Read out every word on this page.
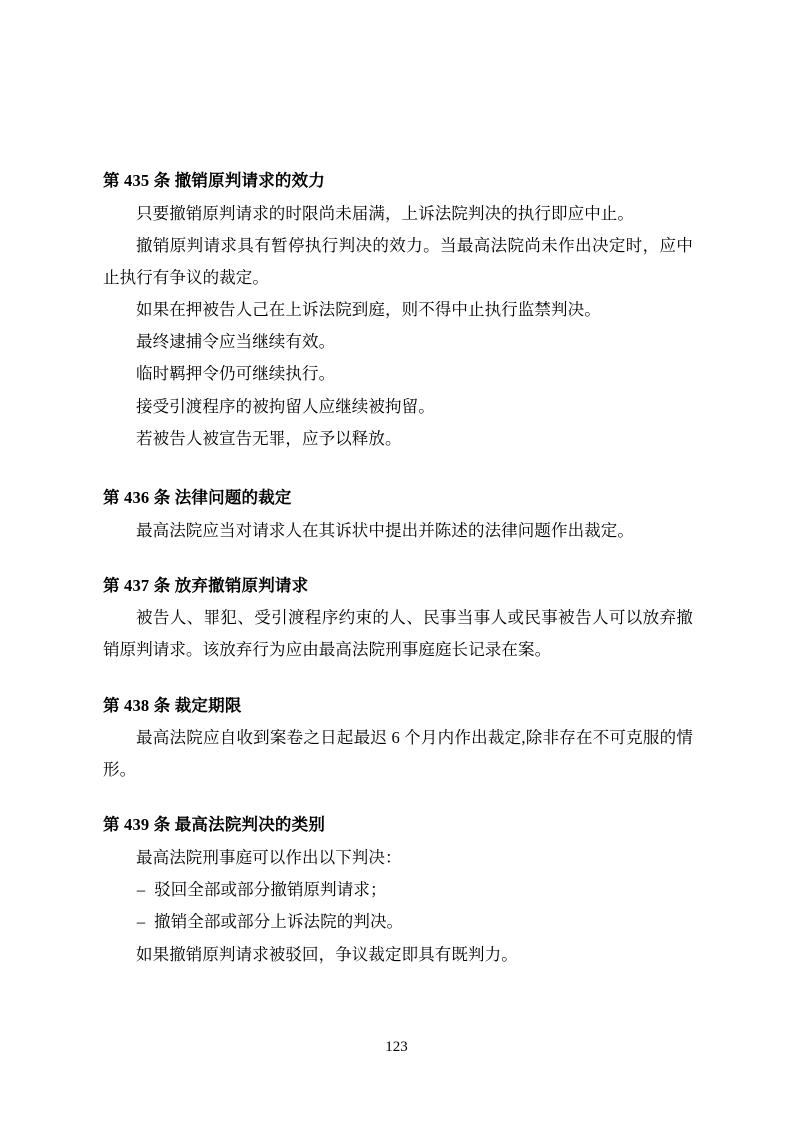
第 435 条 撤销原判请求的效力

只要撤销原判请求的时限尚未届满，上诉法院判决的执行即应中止。

撤销原判请求具有暂停执行判决的效力。当最高法院尚未作出决定时，应中止执行有争议的裁定。

如果在押被告人己在上诉法院到庭，则不得中止执行监禁判决。

最终逮捕令应当继续有效。

临时羁押令仍可继续执行。

接受引渡程序的被拘留人应继续被拘留。

若被告人被宣告无罪，应予以释放。

第 436 条 法律问题的裁定

最高法院应当对请求人在其诉状中提出并陈述的法律问题作出裁定。

第 437 条 放弃撤销原判请求

被告人、罪犯、受引渡程序约束的人、民事当事人或民事被告人可以放弃撤销原判请求。该放弃行为应由最高法院刑事庭庭长记录在案。

第 438 条 裁定期限

最高法院应自收到案卷之日起最迟 6 个月内作出裁定,除非存在不可克服的情形。

第 439 条 最高法院判决的类别

最高法院刑事庭可以作出以下判决：

– 驳回全部或部分撤销原判请求；

– 撤销全部或部分上诉法院的判决。

如果撤销原判请求被驳回，争议裁定即具有既判力。

123
